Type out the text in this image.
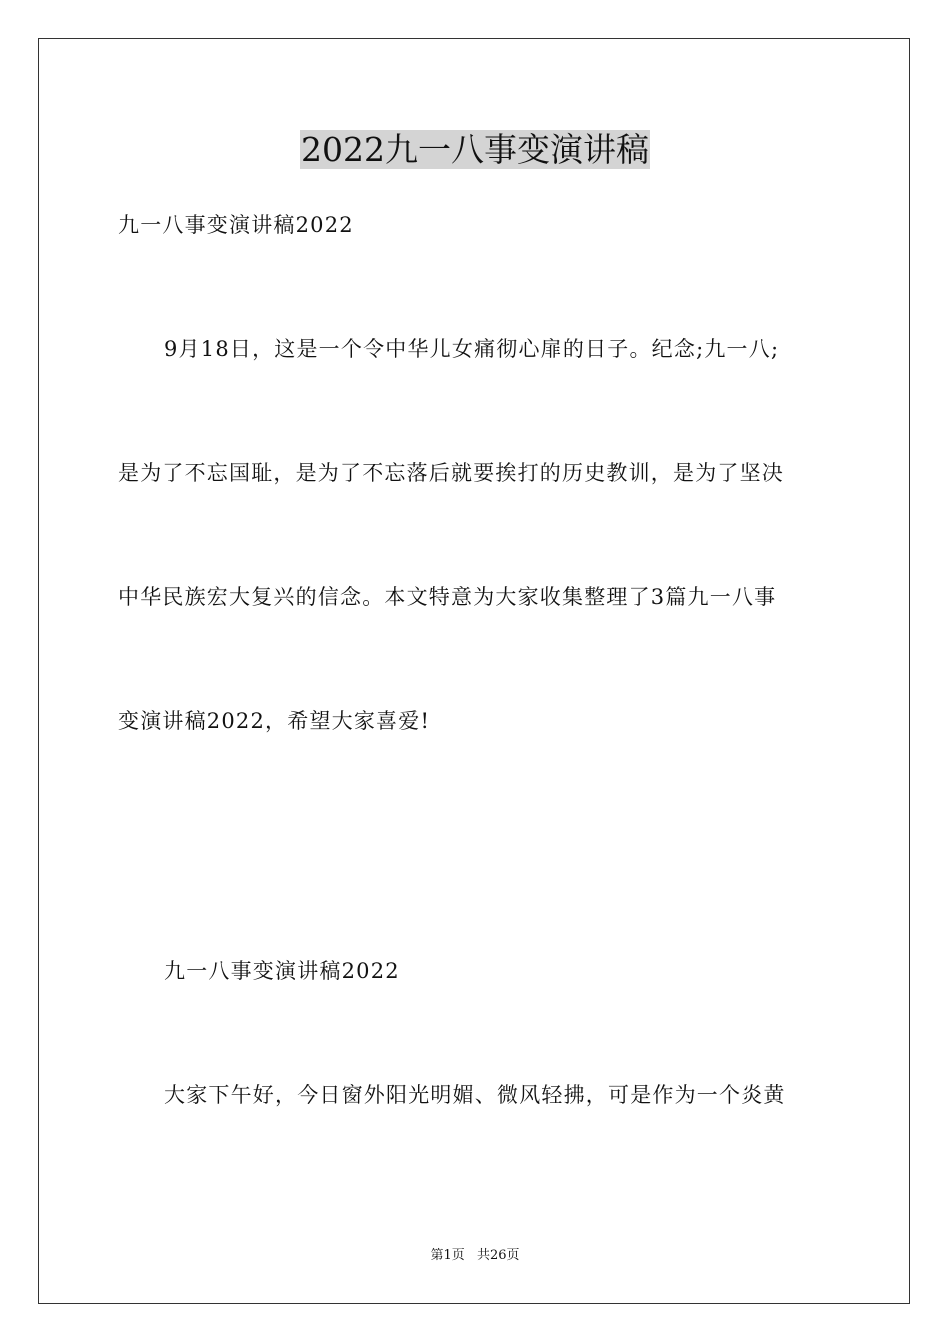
2022九一八事变演讲稿

九一八事变演讲稿2022

9月18日，这是一个令中华儿女痛彻心扉的日子。纪念;九一八;

是为了不忘国耻，是为了不忘落后就要挨打的历史教训，是为了坚决

中华民族宏大复兴的信念。本文特意为大家收集整理了3篇九一八事

变演讲稿2022，希望大家喜爱!

九一八事变演讲稿2022

大家下午好，今日窗外阳光明媚、微风轻拂，可是作为一个炎黄

第1页 共26页
